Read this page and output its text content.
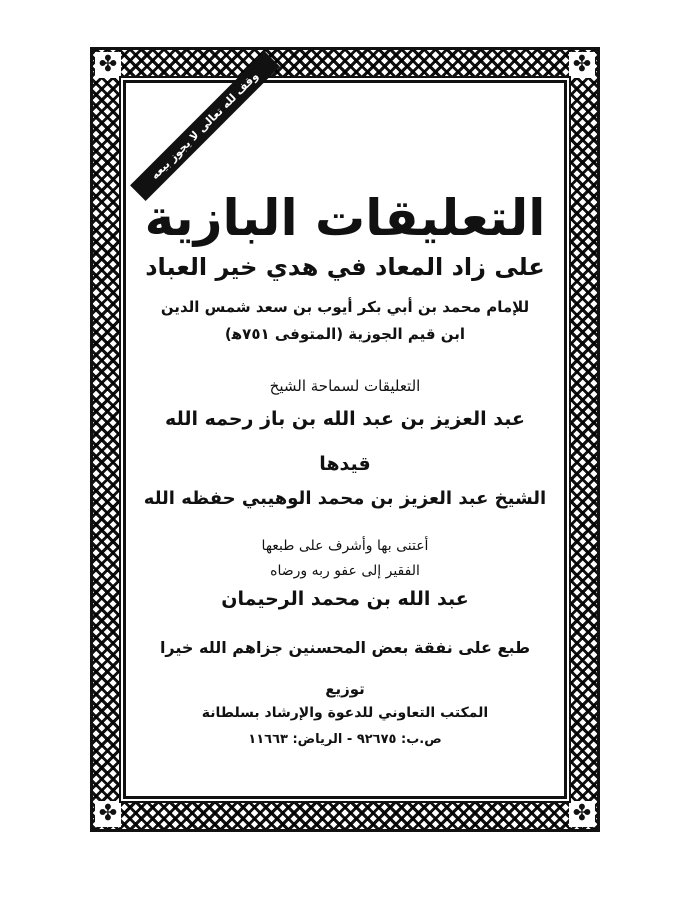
✤	✤
✤	✤
وقف لله تعالى لا يجوز بيعه
التعليقات البازية
على زاد المعاد في هدي خير العباد
للإمام محمد بن أبي بكر أيوب بن سعد شمس الدين
ابن قيم الجوزية (المتوفى ٧٥١ﻫ)
التعليقات لسماحة الشيخ
عبد العزيز بن عبد الله بن باز رحمه الله
قيدها
الشيخ عبد العزيز بن محمد الوهيبي حفظه الله
أعتنى بها وأشرف على طبعها
الفقير إلى عفو ربه ورضاه
عبد الله بن محمد الرحيمان
طبع على نفقة بعض المحسنين جزاهم الله خيرا
توزيع
المكتب التعاوني للدعوة والإرشاد بسلطانة
ص.ب: ٩٢٦٧٥ - الرياض: ١١٦٦٣
